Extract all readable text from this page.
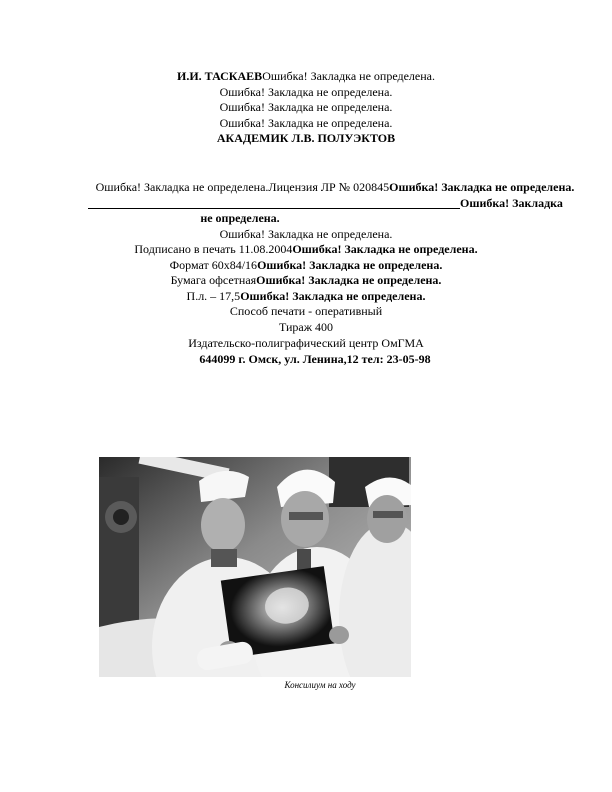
И.И. ТАСКАЕВОшибка! Закладка не определена.
Ошибка! Закладка не определена.
Ошибка! Закладка не определена.
Ошибка! Закладка не определена.
АКАДЕМИК Л.В. ПОЛУЭКТОВ
Ошибка! Закладка не определена.Лицензия ЛР № 020845Ошибка! Закладка не определена.
Ошибка! Закладка
не определена.
Ошибка! Закладка не определена.
Подписано в печать 11.08.2004Ошибка! Закладка не определена.
Формат 60х84/16Ошибка! Закладка не определена.
Бумага офсетнаяОшибка! Закладка не определена.
П.л. – 17,5Ошибка! Закладка не определена.
Способ печати - оперативный
Тираж 400
Издательско-полиграфический центр ОмГМА
644099 г. Омск, ул. Ленина,12 тел: 23-05-98
Консилиум на ходу
